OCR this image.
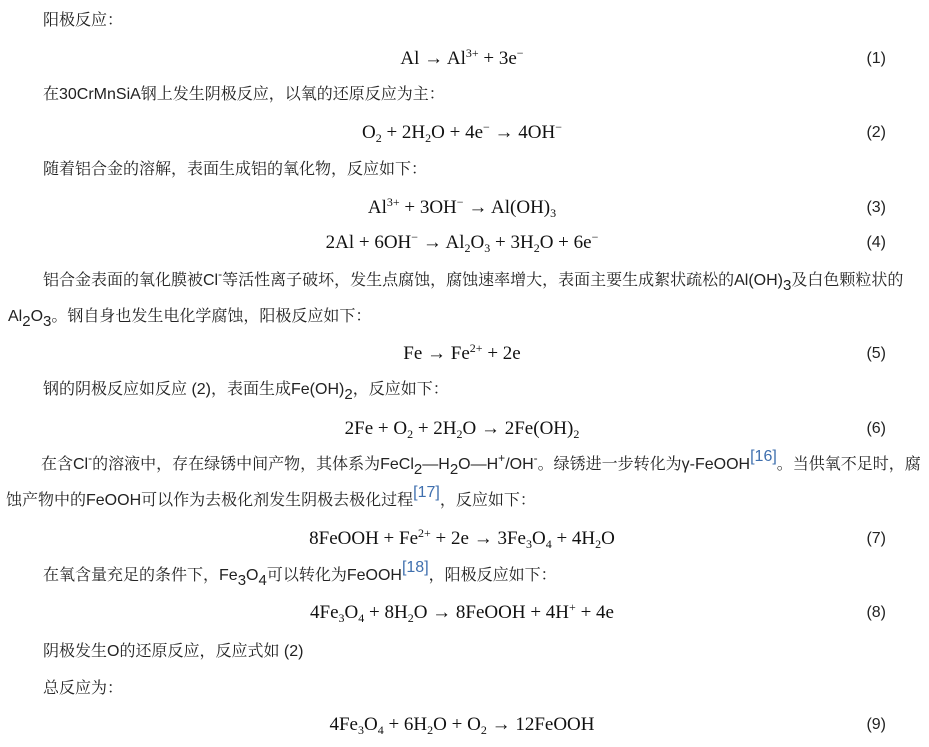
阳极反应：
$Al \to Al^{3+} + 3e^-$	(1)
在30CrMnSiA钢上发生阴极反应，以氧的还原反应为主：
$O_2 + 2H_2O + 4e^- \to 4OH^-$	(2)
随着铝合金的溶解，表面生成铝的氧化物，反应如下：
$Al^{3+} + 3OH^- \to Al(OH)_3$	(3)
$2Al + 6OH^- \to Al_2O_3 + 3H_2O + 6e^-$	(4)
铝合金表面的氧化膜被Cl-等活性离子破坏，发生点腐蚀，腐蚀速率增大，表面主要生成絮状疏松的Al(OH)3及白色颗粒状的Al2O3。钢自身也发生电化学腐蚀，阳极反应如下：
$Fe \to Fe^{2+} + 2e$	(5)
钢的阴极反应如反应 (2)，表面生成Fe(OH)2，反应如下：
$2Fe + O_2 + 2H_2O \to 2Fe(OH)_2$	(6)
在含Cl-的溶液中，存在绿锈中间产物，其体系为FeCl2—H2O—H+/OH-。绿锈进一步转化为γ-FeOOH[16]。当供氧不足时，腐蚀产物中的FeOOH可以作为去极化剂发生阴极去极化过程[17]，反应如下：
8FeOOH + $Fe^{2+} + 2e \to 3Fe_3O_4 + 4H_2O$	(7)
在氧含量充足的条件下，Fe3O4可以转化为FeOOH[18]，阳极反应如下：
$4Fe_3O_4 + 8H_2O$ → 8FeOOH + 4H+ + 4e	(8)
阴极发生O的还原反应，反应式如 (2)
总反应为：
$4Fe_3O_4 + 6H_2O + O_2$ → 12FeOOH	(9)
